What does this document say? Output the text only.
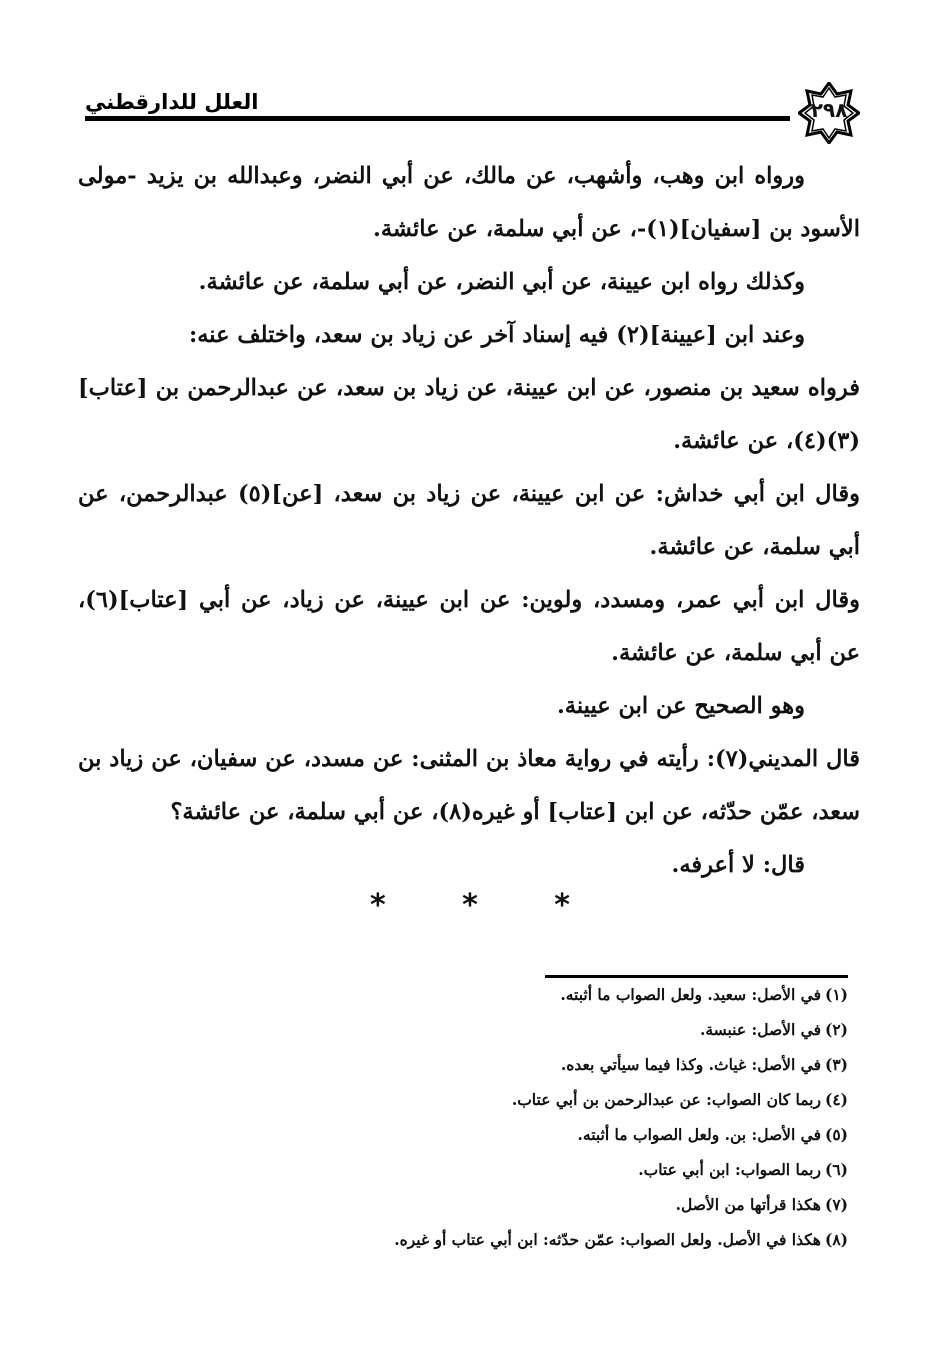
العلل للدارقطني	٢٩٨

ورواه ابن وهب، وأشهب، عن مالك، عن أبي النضر، وعبدالله بن يزيد -مولى الأسود بن [سفيان](١)-، عن أبي سلمة، عن عائشة.

وكذلك رواه ابن عيينة، عن أبي النضر، عن أبي سلمة، عن عائشة.

وعند ابن [عيينة](٢) فيه إسناد آخر عن زياد بن سعد، واختلف عنه:

فرواه سعيد بن منصور، عن ابن عيينة، عن زياد بن سعد، عن عبدالرحمن بن [عتاب](٣)(٤)، عن عائشة.

وقال ابن أبي خداش: عن ابن عيينة، عن زياد بن سعد، [عن](٥) عبدالرحمن، عن أبي سلمة، عن عائشة.

وقال ابن أبي عمر، ومسدد، ولوين: عن ابن عيينة، عن زياد، عن أبي [عتاب](٦)، عن أبي سلمة، عن عائشة.

وهو الصحيح عن ابن عيينة.

قال المديني(٧): رأيته في رواية معاذ بن المثنى: عن مسدد، عن سفيان، عن زياد بن سعد، عمّن حدّثه، عن ابن [عتاب] أو غيره(٨)، عن أبي سلمة، عن عائشة؟

قال: لا أعرفه.

*	*	*
(١)في الأصل: سعيد. ولعل الصواب ما أثبته.
(٢)في الأصل: عنبسة.
(٣)في الأصل: غياث. وكذا فيما سيأتي بعده.
(٤)ربما كان الصواب: عن عبدالرحمن بن أبي عتاب.
(٥)في الأصل: بن. ولعل الصواب ما أثبته.
(٦)ربما الصواب: ابن أبي عتاب.
(٧)هكذا قرأتها من الأصل.
(٨)هكذا في الأصل. ولعل الصواب: عمّن حدّثه: ابن أبي عتاب أو غيره.
